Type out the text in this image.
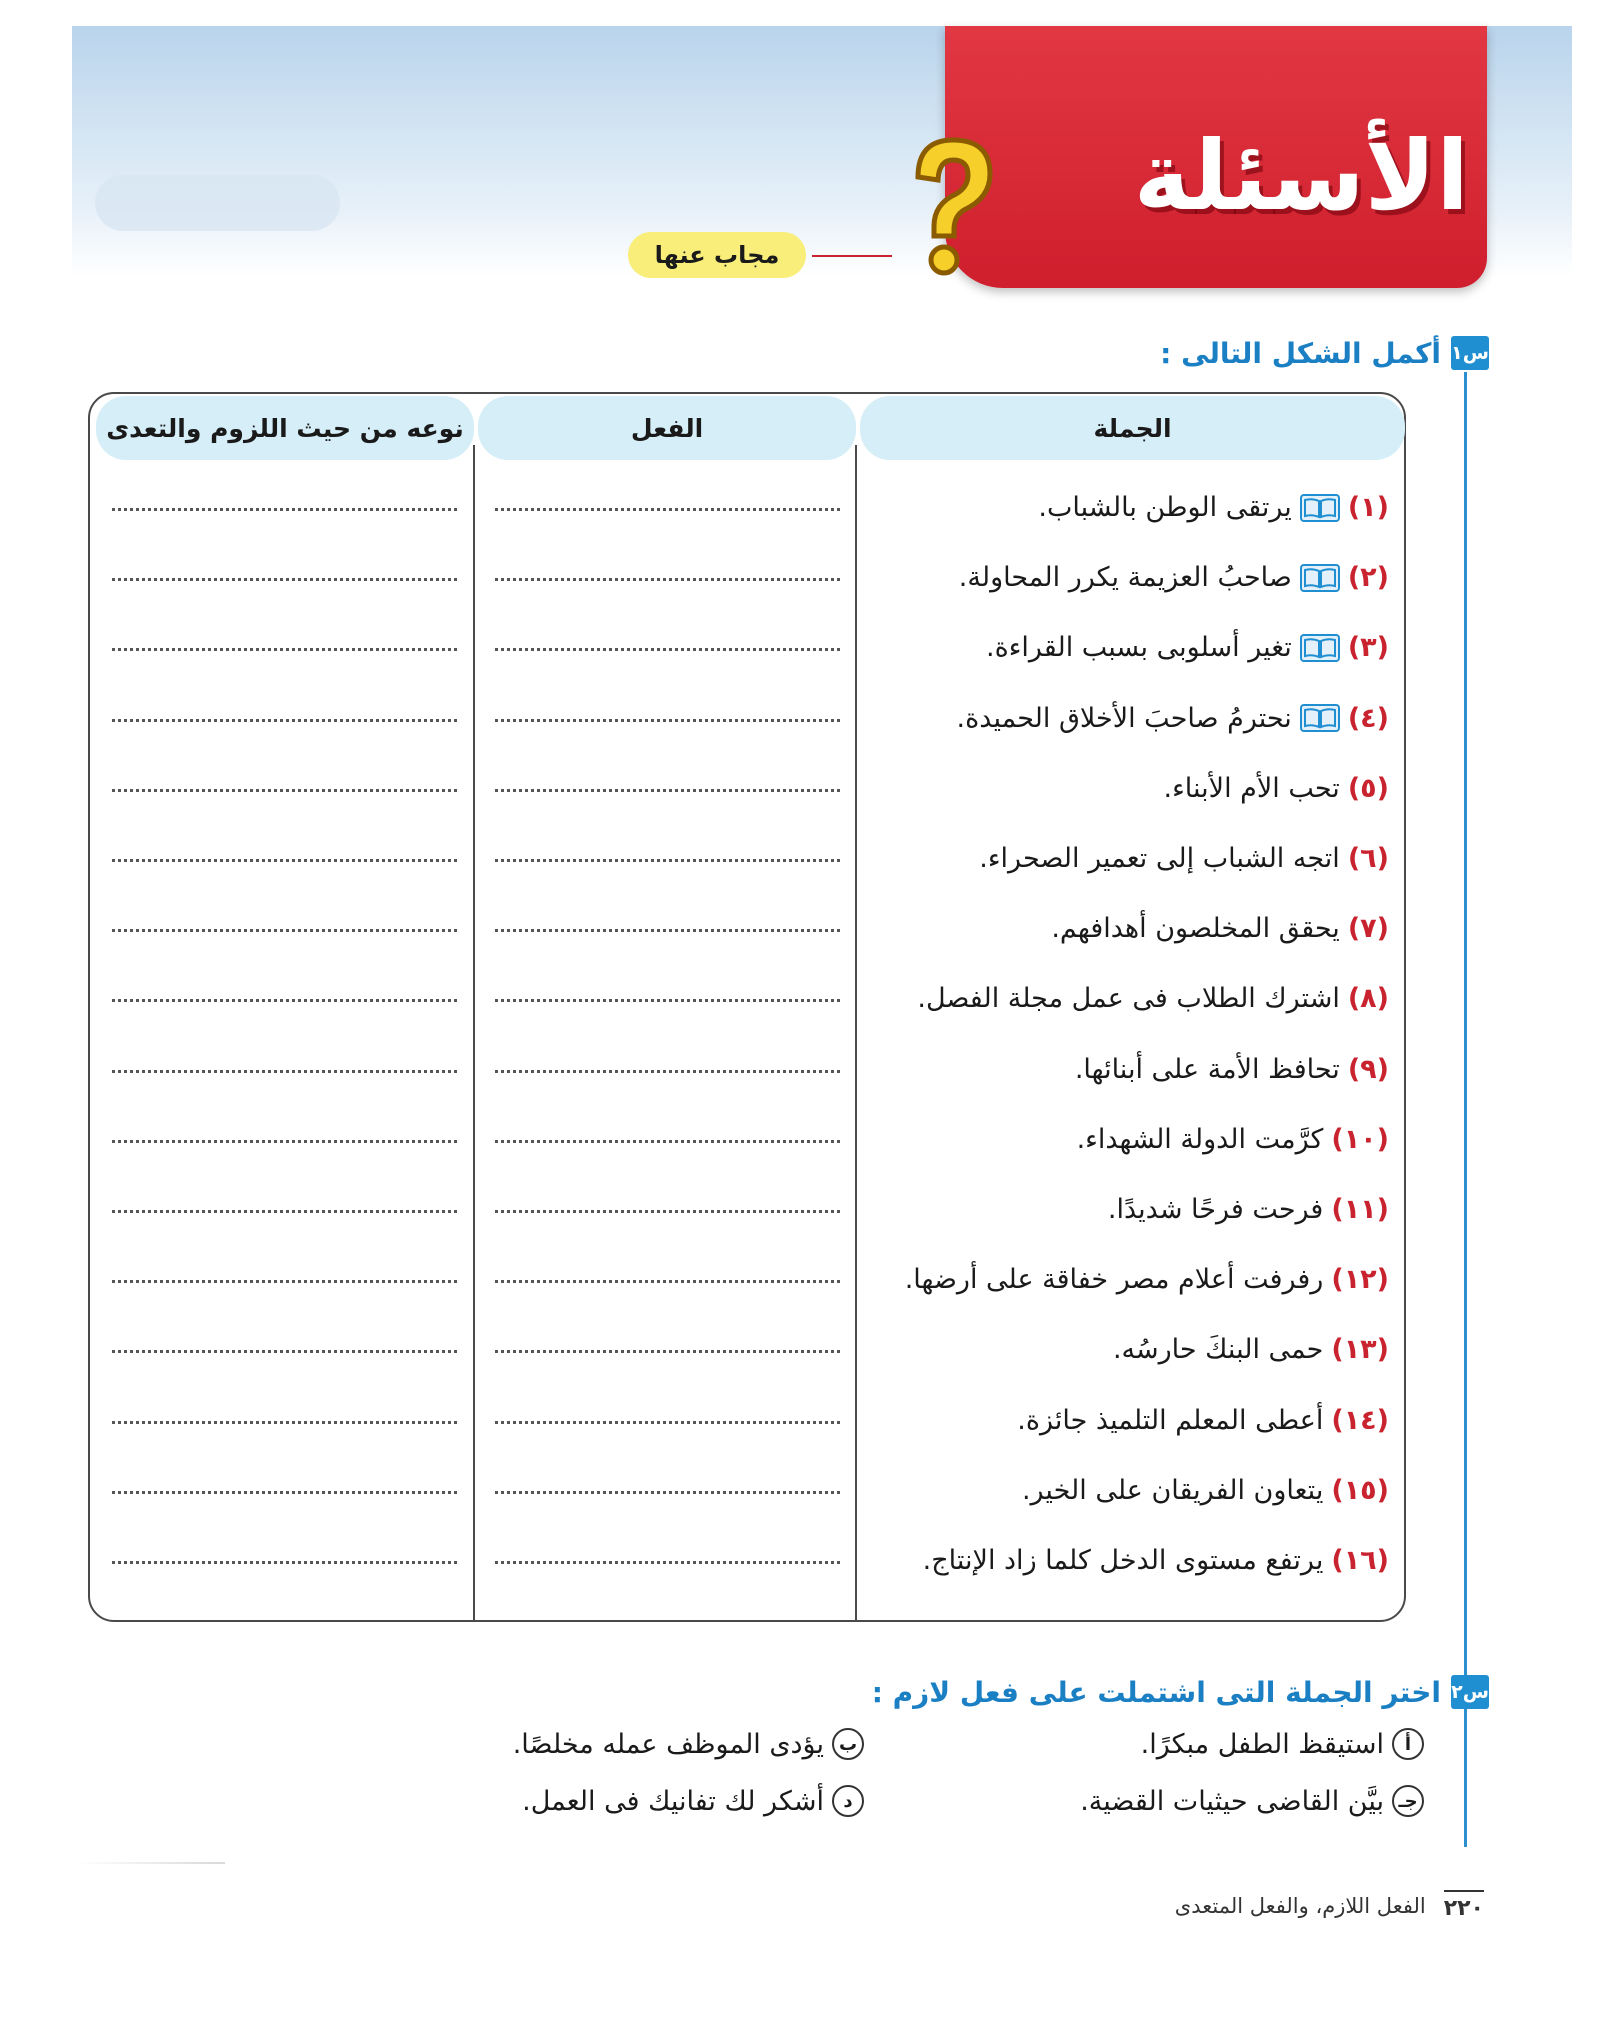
الأسئلة
مجاب عنها
س١
أكمل الشكل التالى :
الجملة
الفعل
نوعه من حيث اللزوم والتعدى
(١)
يرتقى الوطن بالشباب.
(٢)
صاحبُ العزيمة يكرر المحاولة.
(٣)
تغير أسلوبى بسبب القراءة.
(٤)
نحترمُ صاحبَ الأخلاق الحميدة.
(٥)
تحب الأم الأبناء.
(٦)
اتجه الشباب إلى تعمير الصحراء.
(٧)
يحقق المخلصون أهدافهم.
(٨)
اشترك الطلاب فى عمل مجلة الفصل.
(٩)
تحافظ الأمة على أبنائها.
(١٠)
كرَّمت الدولة الشهداء.
(١١)
فرحت فرحًا شديدًا.
(١٢)
رفرفت أعلام مصر خفاقة على أرضها.
(١٣)
حمى البنكَ حارسُه.
(١٤)
أعطى المعلم التلميذ جائزة.
(١٥)
يتعاون الفريقان على الخير.
(١٦)
يرتفع مستوى الدخل كلما زاد الإنتاج.
س٢
اختر الجملة التى اشتملت على فعل لازم :
أ
استيقظ الطفل مبكرًا.
ب
يؤدى الموظف عمله مخلصًا.
جـ
بيَّن القاضى حيثيات القضية.
د
أشكر لك تفانيك فى العمل.
٢٢٠
الفعل اللازم، والفعل المتعدى
